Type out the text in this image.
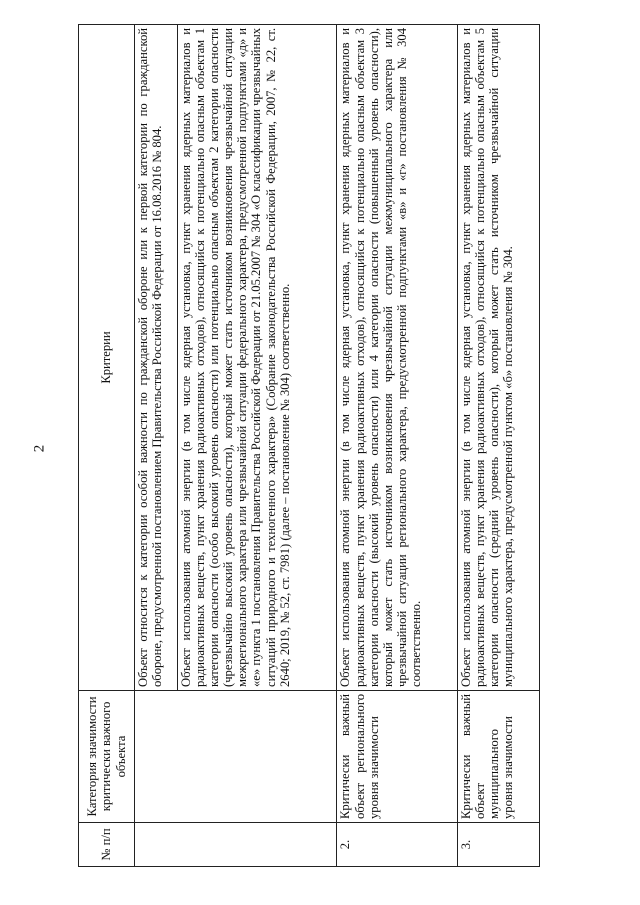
2
№ п/п	Категория значимости критически важного объекта	Критерии
		Объект относится к категории особой важности по гражданской обороне или к первой категории по гражданской обороне, предусмотренной постановлением Правительства Российской Федерации от 16.08.2016 № 804.
		Объект использования атомной энергии (в том числе ядерная установка, пункт хранения ядерных материалов и радиоактивных веществ, пункт хранения радиоактивных отходов), относящийся к потенциально опасным объектам 1 категории опасности (особо высокий уровень опасности) или потенциально опасным объектам 2 категории опасности (чрезвычайно высокий уровень опасности), который может стать источником возникновения чрезвычайной ситуации межрегионального характера или чрезвычайной ситуации федерального характера, предусмотренной подпунктами «д» и «е» пункта 1 постановления Правительства Российской Федерации от 21.05.2007 № 304 «О классификации чрезвычайных ситуаций природного и техногенного характера» (Собрание законодательства Российской Федерации, 2007, № 22, ст. 2640; 2019, № 52, ст. 7981) (далее – постановление № 304) соответственно.
2.	Критически важный объект регионального уровня значимости	Объект использования атомной энергии (в том числе ядерная установка, пункт хранения ядерных материалов и радиоактивных веществ, пункт хранения радиоактивных отходов), относящийся к потенциально опасным объектам 3 категории опасности (высокий уровень опасности) или 4 категории опасности (повышенный уровень опасности), который может стать источником возникновения чрезвычайной ситуации межмуниципального характера или чрезвычайной ситуации регионального характера, предусмотренной подпунктами «в» и «г» постановления № 304 соответственно.
3.	Критически важный объект муниципального уровня значимости	Объект использования атомной энергии (в том числе ядерная установка, пункт хранения ядерных материалов и радиоактивных веществ, пункт хранения радиоактивных отходов), относящийся к потенциально опасным объектам 5 категории опасности (средний уровень опасности), который может стать источником чрезвычайной ситуации муниципального характера, предусмотренной пунктом «б» постановления № 304.
